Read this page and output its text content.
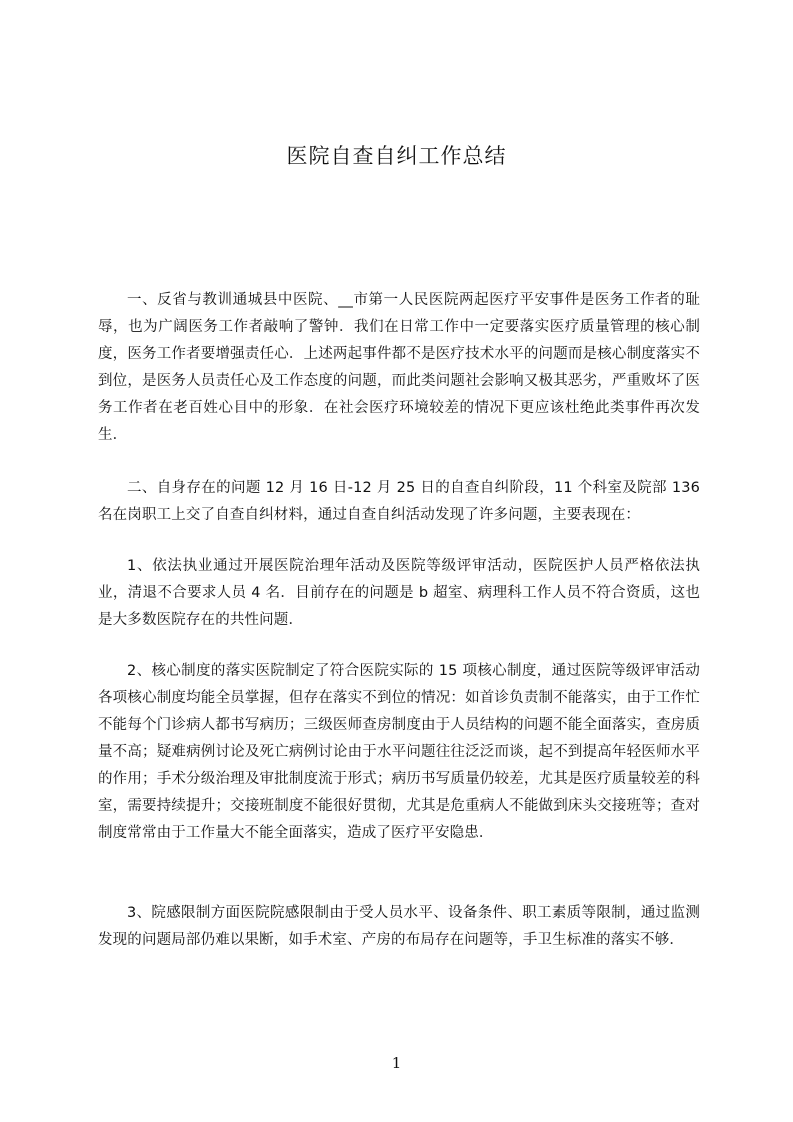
医院自查自纠工作总结

一、反省与教训通城县中医院、__市第一人民医院两起医疗平安事件是医务工作者的耻辱，也为广阔医务工作者敲响了警钟．我们在日常工作中一定要落实医疗质量管理的核心制度，医务工作者要增强责任心．上述两起事件都不是医疗技术水平的问题而是核心制度落实不到位，是医务人员责任心及工作态度的问题，而此类问题社会影响又极其恶劣，严重败坏了医务工作者在老百姓心目中的形象．在社会医疗环境较差的情况下更应该杜绝此类事件再次发生．

二、自身存在的问题 12 月 16 日-12 月 25 日的自查自纠阶段，11 个科室及院部 136 名在岗职工上交了自查自纠材料，通过自查自纠活动发现了许多问题，主要表现在：

1、依法执业通过开展医院治理年活动及医院等级评审活动，医院医护人员严格依法执业，清退不合要求人员 4 名．目前存在的问题是 b 超室、病理科工作人员不符合资质，这也是大多数医院存在的共性问题．

2、核心制度的落实医院制定了符合医院实际的 15 项核心制度，通过医院等级评审活动各项核心制度均能全员掌握，但存在落实不到位的情况：如首诊负责制不能落实，由于工作忙不能每个门诊病人都书写病历；三级医师查房制度由于人员结构的问题不能全面落实，查房质量不高；疑难病例讨论及死亡病例讨论由于水平问题往往泛泛而谈，起不到提高年轻医师水平的作用；手术分级治理及审批制度流于形式；病历书写质量仍较差，尤其是医疗质量较差的科室，需要持续提升；交接班制度不能很好贯彻，尤其是危重病人不能做到床头交接班等；查对制度常常由于工作量大不能全面落实，造成了医疗平安隐患．

3、院感限制方面医院院感限制由于受人员水平、设备条件、职工素质等限制，通过监测发现的问题局部仍难以果断，如手术室、产房的布局存在问题等，手卫生标准的落实不够．

1
